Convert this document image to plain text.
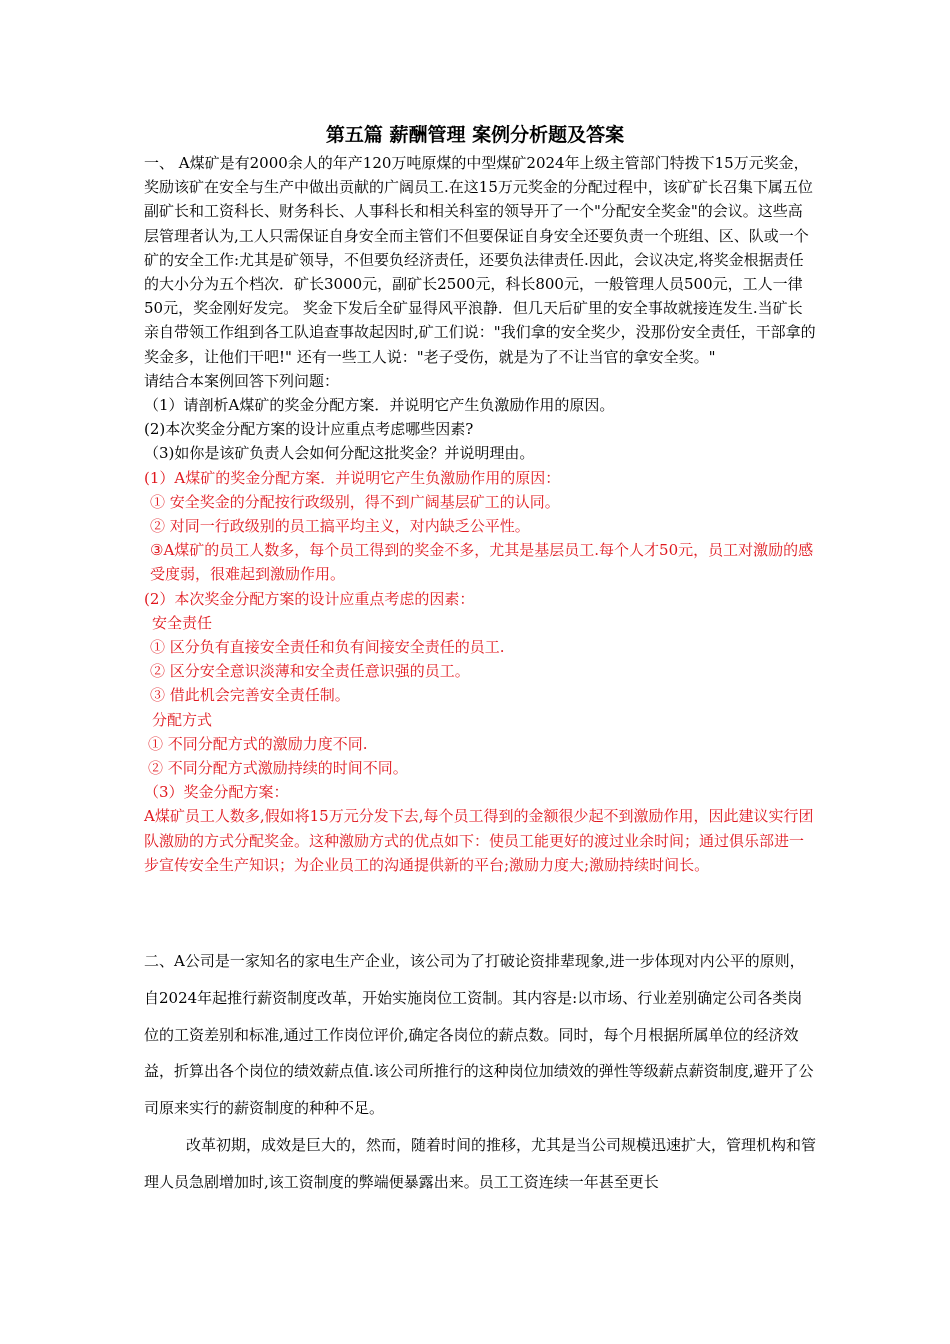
第五篇 薪酬管理 案例分析题及答案

一、 A煤矿是有2000余人的年产120万吨原煤的中型煤矿2024年上级主管部门特拨下15万元奖金，奖励该矿在安全与生产中做出贡献的广阔员工.在这15万元奖金的分配过程中，该矿矿长召集下属五位副矿长和工资科长、财务科长、人事科长和相关科室的领导开了一个"分配安全奖金"的会议。这些高层管理者认为,工人只需保证自身安全而主管们不但要保证自身安全还要负责一个班组、区、队或一个矿的安全工作:尤其是矿领导，不但要负经济责任，还要负法律责任.因此，会议决定,将奖金根据责任的大小分为五个档次．矿长3000元，副矿长2500元，科长800元，一般管理人员500元，工人一律50元，奖金刚好发完。 奖金下发后全矿显得风平浪静．但几天后矿里的安全事故就接连发生.当矿长亲自带领工作组到各工队追查事故起因时,矿工们说："我们拿的安全奖少，没那份安全责任，干部拿的奖金多，让他们干吧!" 还有一些工人说："老子受伤，就是为了不让当官的拿安全奖。"

请结合本案例回答下列问题：

（1）请剖析A煤矿的奖金分配方案．并说明它产生负激励作用的原因。

(2)本次奖金分配方案的设计应重点考虑哪些因素?

（3)如你是该矿负责人会如何分配这批奖金？并说明理由。

(1）A煤矿的奖金分配方案．并说明它产生负激励作用的原因：

① 安全奖金的分配按行政级别，得不到广阔基层矿工的认同。

② 对同一行政级别的员工搞平均主义，对内缺乏公平性。

③A煤矿的员工人数多，每个员工得到的奖金不多，尤其是基层员工.每个人才50元，员工对激励的感受度弱，很难起到激励作用。

(2）本次奖金分配方案的设计应重点考虑的因素：

安全责任

① 区分负有直接安全责任和负有间接安全责任的员工.

② 区分安全意识淡薄和安全责任意识强的员工。

③ 借此机会完善安全责任制。

分配方式

① 不同分配方式的激励力度不同.

② 不同分配方式激励持续的时间不同。

（3）奖金分配方案：

A煤矿员工人数多,假如将15万元分发下去,每个员工得到的金额很少起不到激励作用，因此建议实行团队激励的方式分配奖金。这种激励方式的优点如下：使员工能更好的渡过业余时间；通过俱乐部进一步宣传安全生产知识；为企业员工的沟通提供新的平台;激励力度大;激励持续时间长。

二、A公司是一家知名的家电生产企业，该公司为了打破论资排辈现象,进一步体现对内公平的原则，自2024年起推行薪资制度改革，开始实施岗位工资制。其内容是:以市场、行业差别确定公司各类岗位的工资差别和标准,通过工作岗位评价,确定各岗位的薪点数。同时，每个月根据所属单位的经济效益，折算出各个岗位的绩效薪点值.该公司所推行的这种岗位加绩效的弹性等级薪点薪资制度,避开了公司原来实行的薪资制度的种种不足。

改革初期，成效是巨大的，然而，随着时间的推移，尤其是当公司规模迅速扩大，管理机构和管理人员急剧增加时,该工资制度的弊端便暴露出来。员工工资连续一年甚至更长
